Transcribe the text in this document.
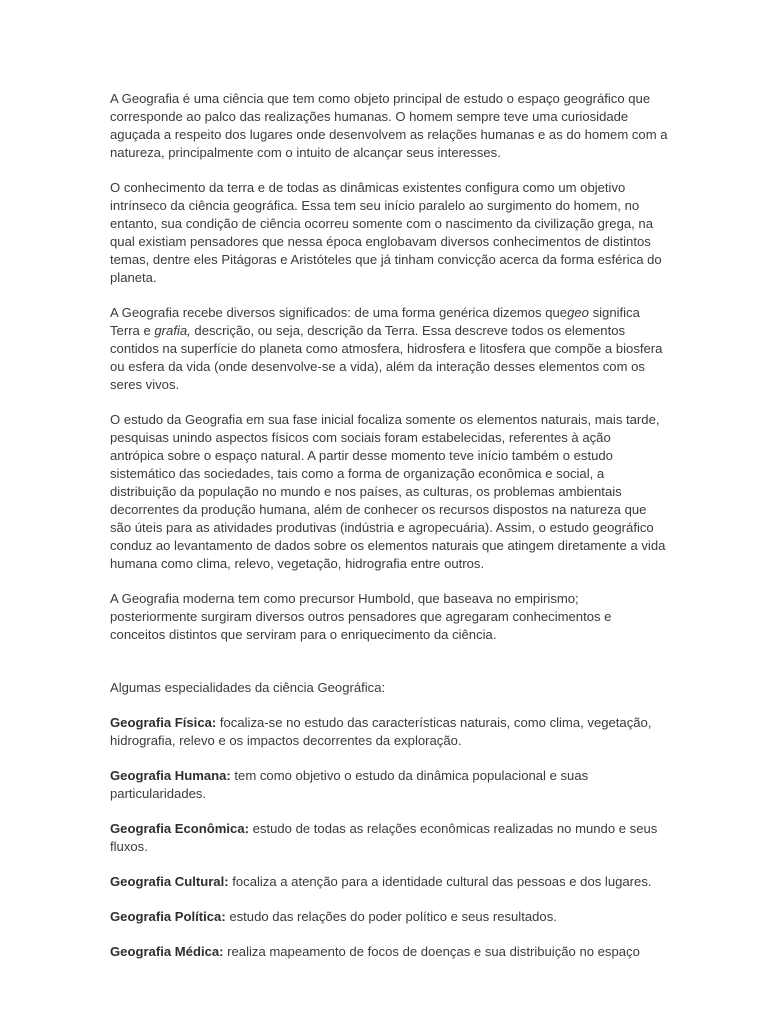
A Geografia é uma ciência que tem como objeto principal de estudo o espaço geográfico que corresponde ao palco das realizações humanas. O homem sempre teve uma curiosidade aguçada a respeito dos lugares onde desenvolvem as relações humanas e as do homem com a natureza, principalmente com o intuito de alcançar seus interesses.

O conhecimento da terra e de todas as dinâmicas existentes configura como um objetivo intrínseco da ciência geográfica. Essa tem seu início paralelo ao surgimento do homem, no entanto, sua condição de ciência ocorreu somente com o nascimento da civilização grega, na qual existiam pensadores que nessa época englobavam diversos conhecimentos de distintos temas, dentre eles Pitágoras e Aristóteles que já tinham convicção acerca da forma esférica do planeta.

A Geografia recebe diversos significados: de uma forma genérica dizemos quegeo significa Terra e grafia, descrição, ou seja, descrição da Terra. Essa descreve todos os elementos contidos na superfície do planeta como atmosfera, hidrosfera e litosfera que compõe a biosfera ou esfera da vida (onde desenvolve-se a vida), além da interação desses elementos com os seres vivos.

O estudo da Geografia em sua fase inicial focaliza somente os elementos naturais, mais tarde, pesquisas unindo aspectos físicos com sociais foram estabelecidas, referentes à ação antrópica sobre o espaço natural. A partir desse momento teve início também o estudo sistemático das sociedades, tais como a forma de organização econômica e social, a distribuição da população no mundo e nos países, as culturas, os problemas ambientais decorrentes da produção humana, além de conhecer os recursos dispostos na natureza que são úteis para as atividades produtivas (indústria e agropecuária). Assim, o estudo geográfico conduz ao levantamento de dados sobre os elementos naturais que atingem diretamente a vida humana como clima, relevo, vegetação, hidrografia entre outros.

A Geografia moderna tem como precursor Humbold, que baseava no empirismo; posteriormente surgiram diversos outros pensadores que agregaram conhecimentos e conceitos distintos que serviram para o enriquecimento da ciência.

Algumas especialidades da ciência Geográfica:

Geografia Física: focaliza-se no estudo das características naturais, como clima, vegetação, hidrografia, relevo e os impactos decorrentes da exploração.

Geografia Humana: tem como objetivo o estudo da dinâmica populacional e suas particularidades.

Geografia Econômica: estudo de todas as relações econômicas realizadas no mundo e seus fluxos.

Geografia Cultural: focaliza a atenção para a identidade cultural das pessoas e dos lugares.

Geografia Política: estudo das relações do poder político e seus resultados.

Geografia Médica: realiza mapeamento de focos de doenças e sua distribuição no espaço
